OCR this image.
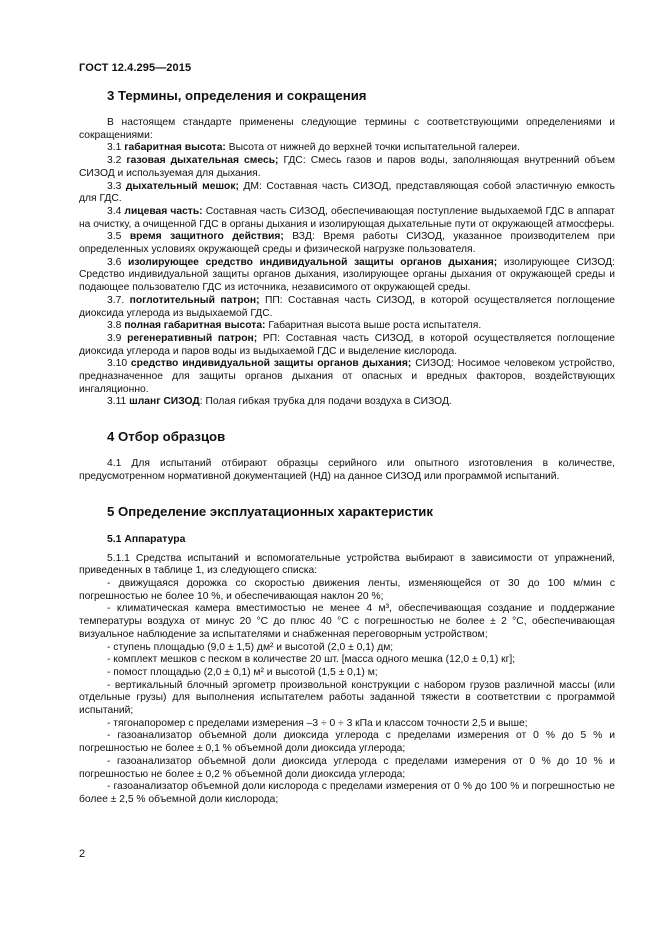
ГОСТ 12.4.295—2015
3 Термины, определения и сокращения

В настоящем стандарте применены следующие термины с соответствующими определениями и сокращениями:

3.1 габаритная высота: Высота от нижней до верхней точки испытательной галереи.

3.2 газовая дыхательная смесь; ГДС: Смесь газов и паров воды, заполняющая внутренний объем СИЗОД и используемая для дыхания.

3.3 дыхательный мешок; ДМ: Составная часть СИЗОД, представляющая собой эластичную емкость для ГДС.

3.4 лицевая часть: Составная часть СИЗОД, обеспечивающая поступление выдыхаемой ГДС в аппарат на очистку, а очищенной ГДС в органы дыхания и изолирующая дыхательные пути от окружающей атмосферы.

3.5 время защитного действия; ВЗД: Время работы СИЗОД, указанное производителем при определенных условиях окружающей среды и физической нагрузке пользователя.

3.6 изолирующее средство индивидуальной защиты органов дыхания; изолирующее СИЗОД: Средство индивидуальной защиты органов дыхания, изолирующее органы дыхания от окружающей среды и подающее пользователю ГДС из источника, независимого от окружающей среды.

3.7. поглотительный патрон; ПП: Составная часть СИЗОД, в которой осуществляется поглощение диоксида углерода из выдыхаемой ГДС.

3.8 полная габаритная высота: Габаритная высота выше роста испытателя.

3.9 регенеративный патрон; РП: Составная часть СИЗОД, в которой осуществляется поглощение диоксида углерода и паров воды из выдыхаемой ГДС и выделение кислорода.

3.10 средство индивидуальной защиты органов дыхания; СИЗОД: Носимое человеком устройство, предназначенное для защиты органов дыхания от опасных и вредных факторов, воздействующих ингаляционно.

3.11 шланг СИЗОД: Полая гибкая трубка для подачи воздуха в СИЗОД.

4 Отбор образцов

4.1 Для испытаний отбирают образцы серийного или опытного изготовления в количестве, предусмотренном нормативной документацией (НД) на данное СИЗОД или программой испытаний.

5 Определение эксплуатационных характеристик
5.1 Аппаратура

5.1.1 Средства испытаний и вспомогательные устройства выбирают в зависимости от упражнений, приведенных в таблице 1, из следующего списка:

- движущаяся дорожка со скоростью движения ленты, изменяющейся от 30 до 100 м/мин с погрешностью не более 10 %, и обеспечивающая наклон 20 %;

- климатическая камера вместимостью не менее 4 м³, обеспечивающая создание и поддержание температуры воздуха от минус 20 °С до плюс 40 °С с погрешностью не более ± 2 °С, обеспечивающая визуальное наблюдение за испытателями и снабженная переговорным устройством;

- ступень площадью (9,0 ± 1,5) дм² и высотой (2,0 ± 0,1) дм;

- комплект мешков с песком в количестве 20 шт. [масса одного мешка (12,0 ± 0,1) кг];

- помост площадью (2,0 ± 0,1) м² и высотой (1,5 ± 0,1) м;

- вертикальный блочный эргометр произвольной конструкции с набором грузов различной массы (или отдельные грузы) для выполнения испытателем работы заданной тяжести в соответствии с программой испытаний;

- тягонапоромер с пределами измерения –3 ÷ 0 ÷ 3 кПа и классом точности 2,5 и выше;

- газоанализатор объемной доли диоксида углерода с пределами измерения от 0 % до 5 % и погрешностью не более ± 0,1 % объемной доли диоксида углерода;

- газоанализатор объемной доли диоксида углерода с пределами измерения от 0 % до 10 % и погрешностью не более ± 0,2 % объемной доли диоксида углерода;

- газоанализатор объемной доли кислорода с пределами измерения от 0 % до 100 % и погрешностью не более ± 2,5 % объемной доли кислорода;

2
